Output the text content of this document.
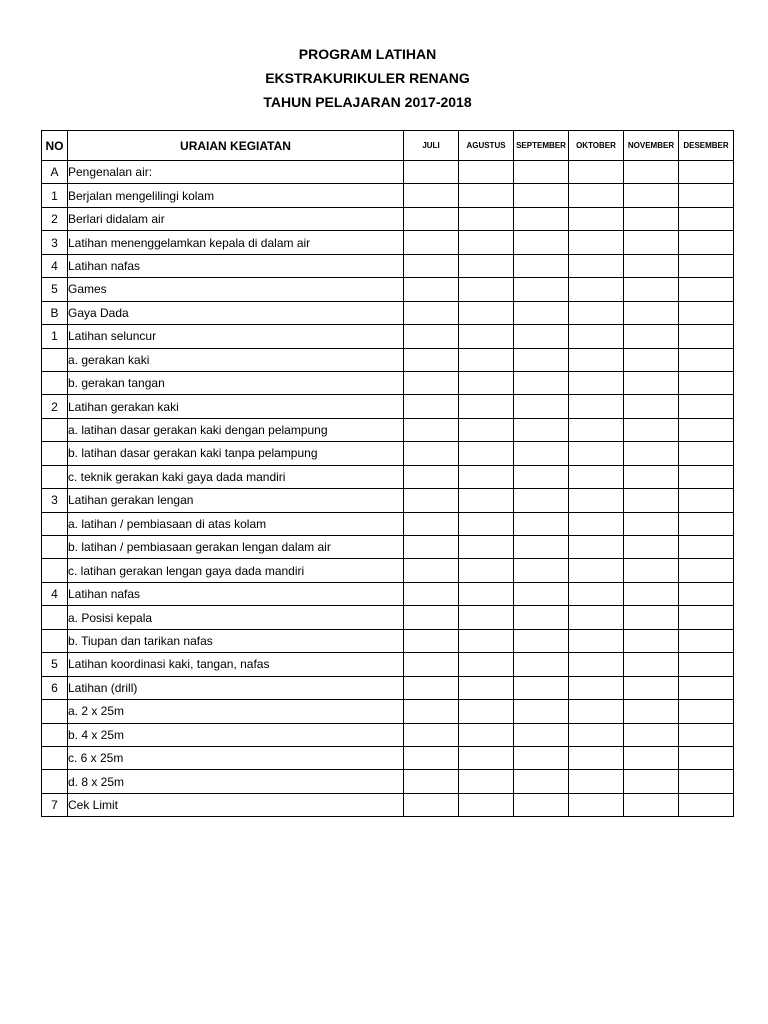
PROGRAM LATIHAN
EKSTRAKURIKULER RENANG
TAHUN PELAJARAN 2017-2018
NO	URAIAN KEGIATAN	JULI	AGUSTUS	SEPTEMBER	OKTOBER	NOVEMBER	DESEMBER
A	Pengenalan air:						
1	Berjalan mengelilingi kolam						
2	Berlari didalam air						
3	Latihan menenggelamkan kepala di dalam air						
4	Latihan nafas						
5	Games						
B	Gaya Dada						
1	Latihan seluncur						
	a. gerakan kaki						
	b. gerakan tangan						
2	Latihan gerakan kaki						
	a. latihan dasar gerakan kaki dengan pelampung						
	b. latihan dasar gerakan kaki tanpa pelampung						
	c. teknik gerakan kaki gaya dada mandiri						
3	Latihan gerakan lengan						
	a. latihan / pembiasaan di atas kolam						
	b. latihan / pembiasaan gerakan lengan dalam air						
	c. latihan gerakan lengan gaya dada mandiri						
4	Latihan nafas						
	a. Posisi kepala						
	b. Tiupan dan tarikan nafas						
5	Latihan koordinasi kaki, tangan, nafas						
6	Latihan (drill)						
	a. 2 x 25m						
	b. 4 x 25m						
	c. 6 x 25m						
	d. 8 x 25m						
7	Cek Limit						
